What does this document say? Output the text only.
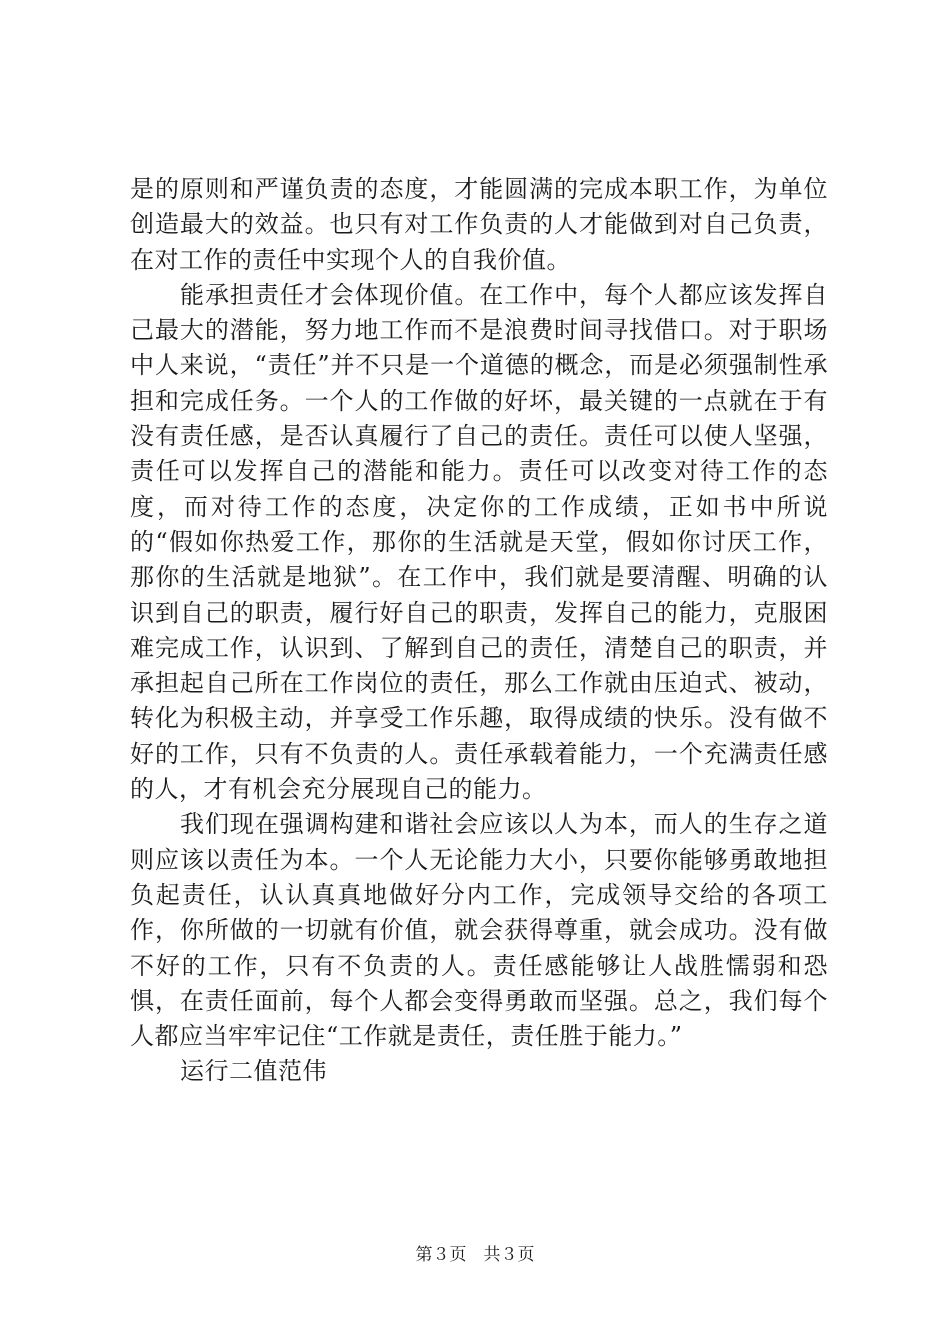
是的原则和严谨负责的态度，才能圆满的完成本职工作，为单位创造最大的效益。也只有对工作负责的人才能做到对自己负责，在对工作的责任中实现个人的自我价值。

能承担责任才会体现价值。在工作中，每个人都应该发挥自己最大的潜能，努力地工作而不是浪费时间寻找借口。对于职场中人来说，“责任”并不只是一个道德的概念，而是必须强制性承担和完成任务。一个人的工作做的好坏，最关键的一点就在于有没有责任感，是否认真履行了自己的责任。责任可以使人坚强，责任可以发挥自己的潜能和能力。责任可以改变对待工作的态度，而对待工作的态度，决定你的工作成绩，正如书中所说的“假如你热爱工作，那你的生活就是天堂，假如你讨厌工作，那你的生活就是地狱”。在工作中，我们就是要清醒、明确的认识到自己的职责，履行好自己的职责，发挥自己的能力，克服困难完成工作，认识到、了解到自己的责任，清楚自己的职责，并承担起自己所在工作岗位的责任，那么工作就由压迫式、被动，转化为积极主动，并享受工作乐趣，取得成绩的快乐。没有做不好的工作，只有不负责的人。责任承载着能力，一个充满责任感的人，才有机会充分展现自己的能力。

我们现在强调构建和谐社会应该以人为本，而人的生存之道则应该以责任为本。一个人无论能力大小，只要你能够勇敢地担负起责任，认认真真地做好分内工作，完成领导交给的各项工作，你所做的一切就有价值，就会获得尊重，就会成功。没有做不好的工作，只有不负责的人。责任感能够让人战胜懦弱和恐惧，在责任面前，每个人都会变得勇敢而坚强。总之，我们每个人都应当牢牢记住“工作就是责任，责任胜于能力。”

运行二值范伟

第３页　共３页
